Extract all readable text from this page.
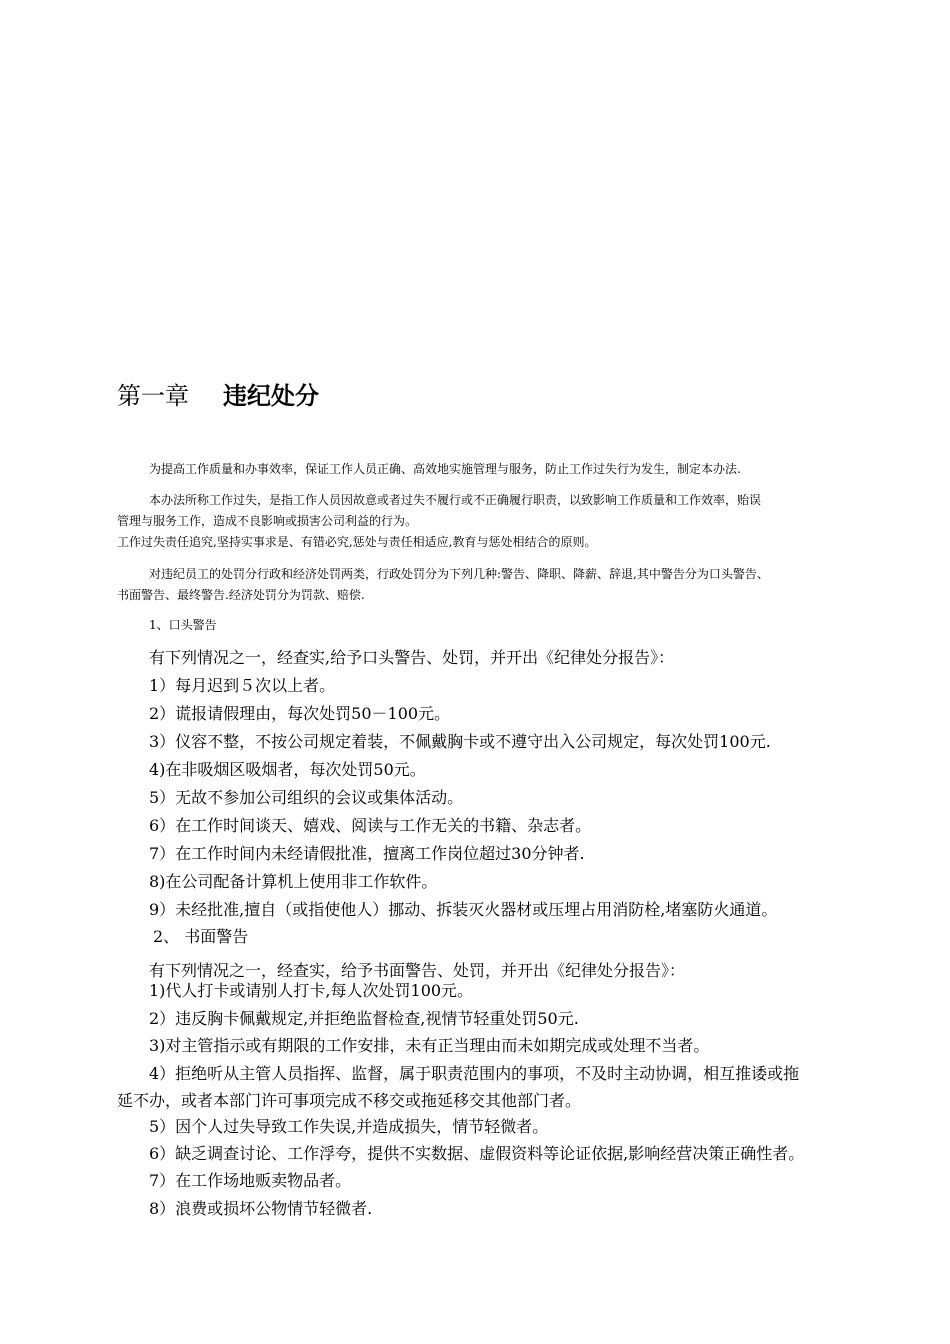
第一章 违纪处分
为提高工作质量和办事效率，保证工作人员正确、高效地实施管理与服务，防止工作过失行为发生，制定本办法.
本办法所称工作过失，是指工作人员因故意或者过失不履行或不正确履行职责，以致影响工作质量和工作效率，贻误
管理与服务工作，造成不良影响或损害公司利益的行为。
工作过失责任追究,坚持实事求是、有错必究,惩处与责任相适应,教育与惩处相结合的原则。
对违纪员工的处罚分行政和经济处罚两类，行政处罚分为下列几种:警告、降职、降薪、辞退,其中警告分为口头警告、
书面警告、最终警告.经济处罚分为罚款、赔偿.
1、口头警告
有下列情况之一，经查实,给予口头警告、处罚，并开出《纪律处分报告》：
1）每月迟到５次以上者。
2）谎报请假理由，每次处罚50－100元。
3）仪容不整，不按公司规定着装，不佩戴胸卡或不遵守出入公司规定，每次处罚100元.
4)在非吸烟区吸烟者，每次处罚50元。
5）无故不参加公司组织的会议或集体活动。
6）在工作时间谈天、嬉戏、阅读与工作无关的书籍、杂志者。
7）在工作时间内未经请假批准，擅离工作岗位超过30分钟者.
8)在公司配备计算机上使用非工作软件。
9）未经批准,擅自（或指使他人）挪动、拆装灭火器材或压埋占用消防栓,堵塞防火通道。
2、 书面警告
有下列情况之一，经查实，给予书面警告、处罚，并开出《纪律处分报告》：
1)代人打卡或请别人打卡,每人次处罚100元。
2）违反胸卡佩戴规定,并拒绝监督检查,视情节轻重处罚50元.
3)对主管指示或有期限的工作安排，未有正当理由而未如期完成或处理不当者。
4）拒绝听从主管人员指挥、监督，属于职责范围内的事项，不及时主动协调，相互推诿或拖
延不办，或者本部门许可事项完成不移交或拖延移交其他部门者。
5）因个人过失导致工作失误,并造成损失，情节轻微者。
6）缺乏调查讨论、工作浮夸，提供不实数据、虚假资料等论证依据,影响经营决策正确性者。
7）在工作场地贩卖物品者。
8）浪费或损坏公物情节轻微者.
